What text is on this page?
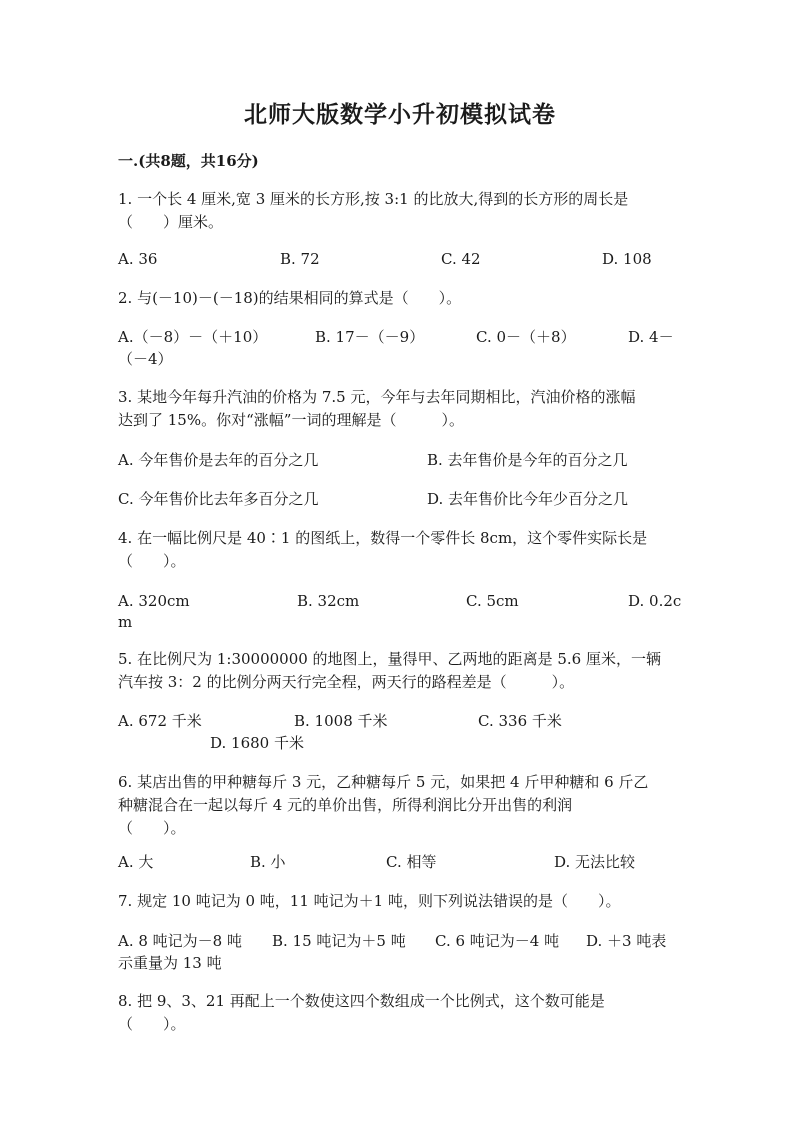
北师大版数学小升初模拟试卷
一.(共8题，共16分)
1. 一个长 4 厘米,宽 3 厘米的长方形,按 3:1 的比放大,得到的长方形的周长是
（　　）厘米。
A. 36	B. 72	C. 42	D. 108
2. 与(－10)－(－18)的结果相同的算式是（　　）。
A.（－8）－（＋10）	B. 17－（－9）	C. 0－（＋8）	D. 4－
（－4）
3. 某地今年每升汽油的价格为 7.5 元，今年与去年同期相比，汽油价格的涨幅
达到了 15%。你对“涨幅”一词的理解是（　　　）。
A. 今年售价是去年的百分之几	B. 去年售价是今年的百分之几
C. 今年售价比去年多百分之几	D. 去年售价比今年少百分之几
4. 在一幅比例尺是 40∶1 的图纸上，数得一个零件长 8cm，这个零件实际长是
（　　）。
A. 320cm	B. 32cm	C. 5cm	D. 0.2c
m
5. 在比例尺为 1:30000000 的地图上，量得甲、乙两地的距离是 5.6 厘米，一辆
汽车按 3：2 的比例分两天行完全程，两天行的路程差是（　　　）。
A. 672 千米	B. 1008 千米	C. 336 千米
D. 1680 千米
6. 某店出售的甲种糖每斤 3 元，乙种糖每斤 5 元，如果把 4 斤甲种糖和 6 斤乙
种糖混合在一起以每斤 4 元的单价出售，所得利润比分开出售的利润
（　　）。
A. 大	B. 小	C. 相等	D. 无法比较
7. 规定 10 吨记为 0 吨，11 吨记为＋1 吨，则下列说法错误的是（　　）。
A. 8 吨记为－8 吨 B. 15 吨记为＋5 吨 C. 6 吨记为－4 吨 D. ＋3 吨表
示重量为 13 吨
8. 把 9、3、21 再配上一个数使这四个数组成一个比例式，这个数可能是
（　　）。
